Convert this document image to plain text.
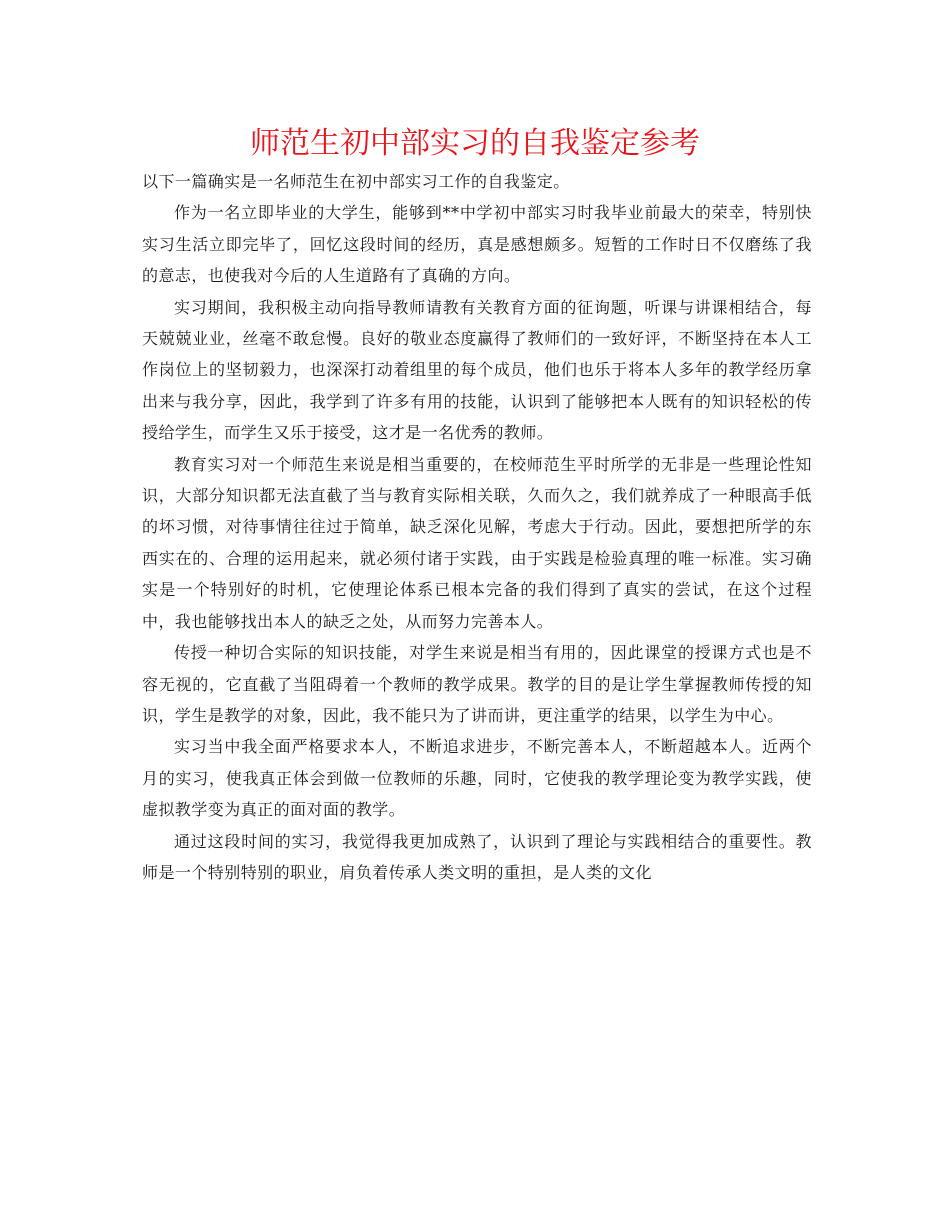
师范生初中部实习的自我鉴定参考

以下一篇确实是一名师范生在初中部实习工作的自我鉴定。

作为一名立即毕业的大学生，能够到**中学初中部实习时我毕业前最大的荣幸，特别快实习生活立即完毕了，回忆这段时间的经历，真是感想颇多。短暂的工作时日不仅磨练了我的意志，也使我对今后的人生道路有了真确的方向。

实习期间，我积极主动向指导教师请教有关教育方面的征询题，听课与讲课相结合，每天兢兢业业，丝毫不敢怠慢。良好的敬业态度赢得了教师们的一致好评，不断坚持在本人工作岗位上的坚韧毅力，也深深打动着组里的每个成员，他们也乐于将本人多年的教学经历拿出来与我分享，因此，我学到了许多有用的技能，认识到了能够把本人既有的知识轻松的传授给学生，而学生又乐于接受，这才是一名优秀的教师。

教育实习对一个师范生来说是相当重要的，在校师范生平时所学的无非是一些理论性知识，大部分知识都无法直截了当与教育实际相关联，久而久之，我们就养成了一种眼高手低的坏习惯，对待事情往往过于简单，缺乏深化见解，考虑大于行动。因此，要想把所学的东西实在的、合理的运用起来，就必须付诸于实践，由于实践是检验真理的唯一标准。实习确实是一个特别好的时机，它使理论体系已根本完备的我们得到了真实的尝试，在这个过程中，我也能够找出本人的缺乏之处，从而努力完善本人。

传授一种切合实际的知识技能，对学生来说是相当有用的，因此课堂的授课方式也是不容无视的，它直截了当阻碍着一个教师的教学成果。教学的目的是让学生掌握教师传授的知识，学生是教学的对象，因此，我不能只为了讲而讲，更注重学的结果，以学生为中心。

实习当中我全面严格要求本人，不断追求进步，不断完善本人，不断超越本人。近两个月的实习，使我真正体会到做一位教师的乐趣，同时，它使我的教学理论变为教学实践，使虚拟教学变为真正的面对面的教学。

通过这段时间的实习，我觉得我更加成熟了，认识到了理论与实践相结合的重要性。教师是一个特别特别的职业，肩负着传承人类文明的重担，是人类的文化
